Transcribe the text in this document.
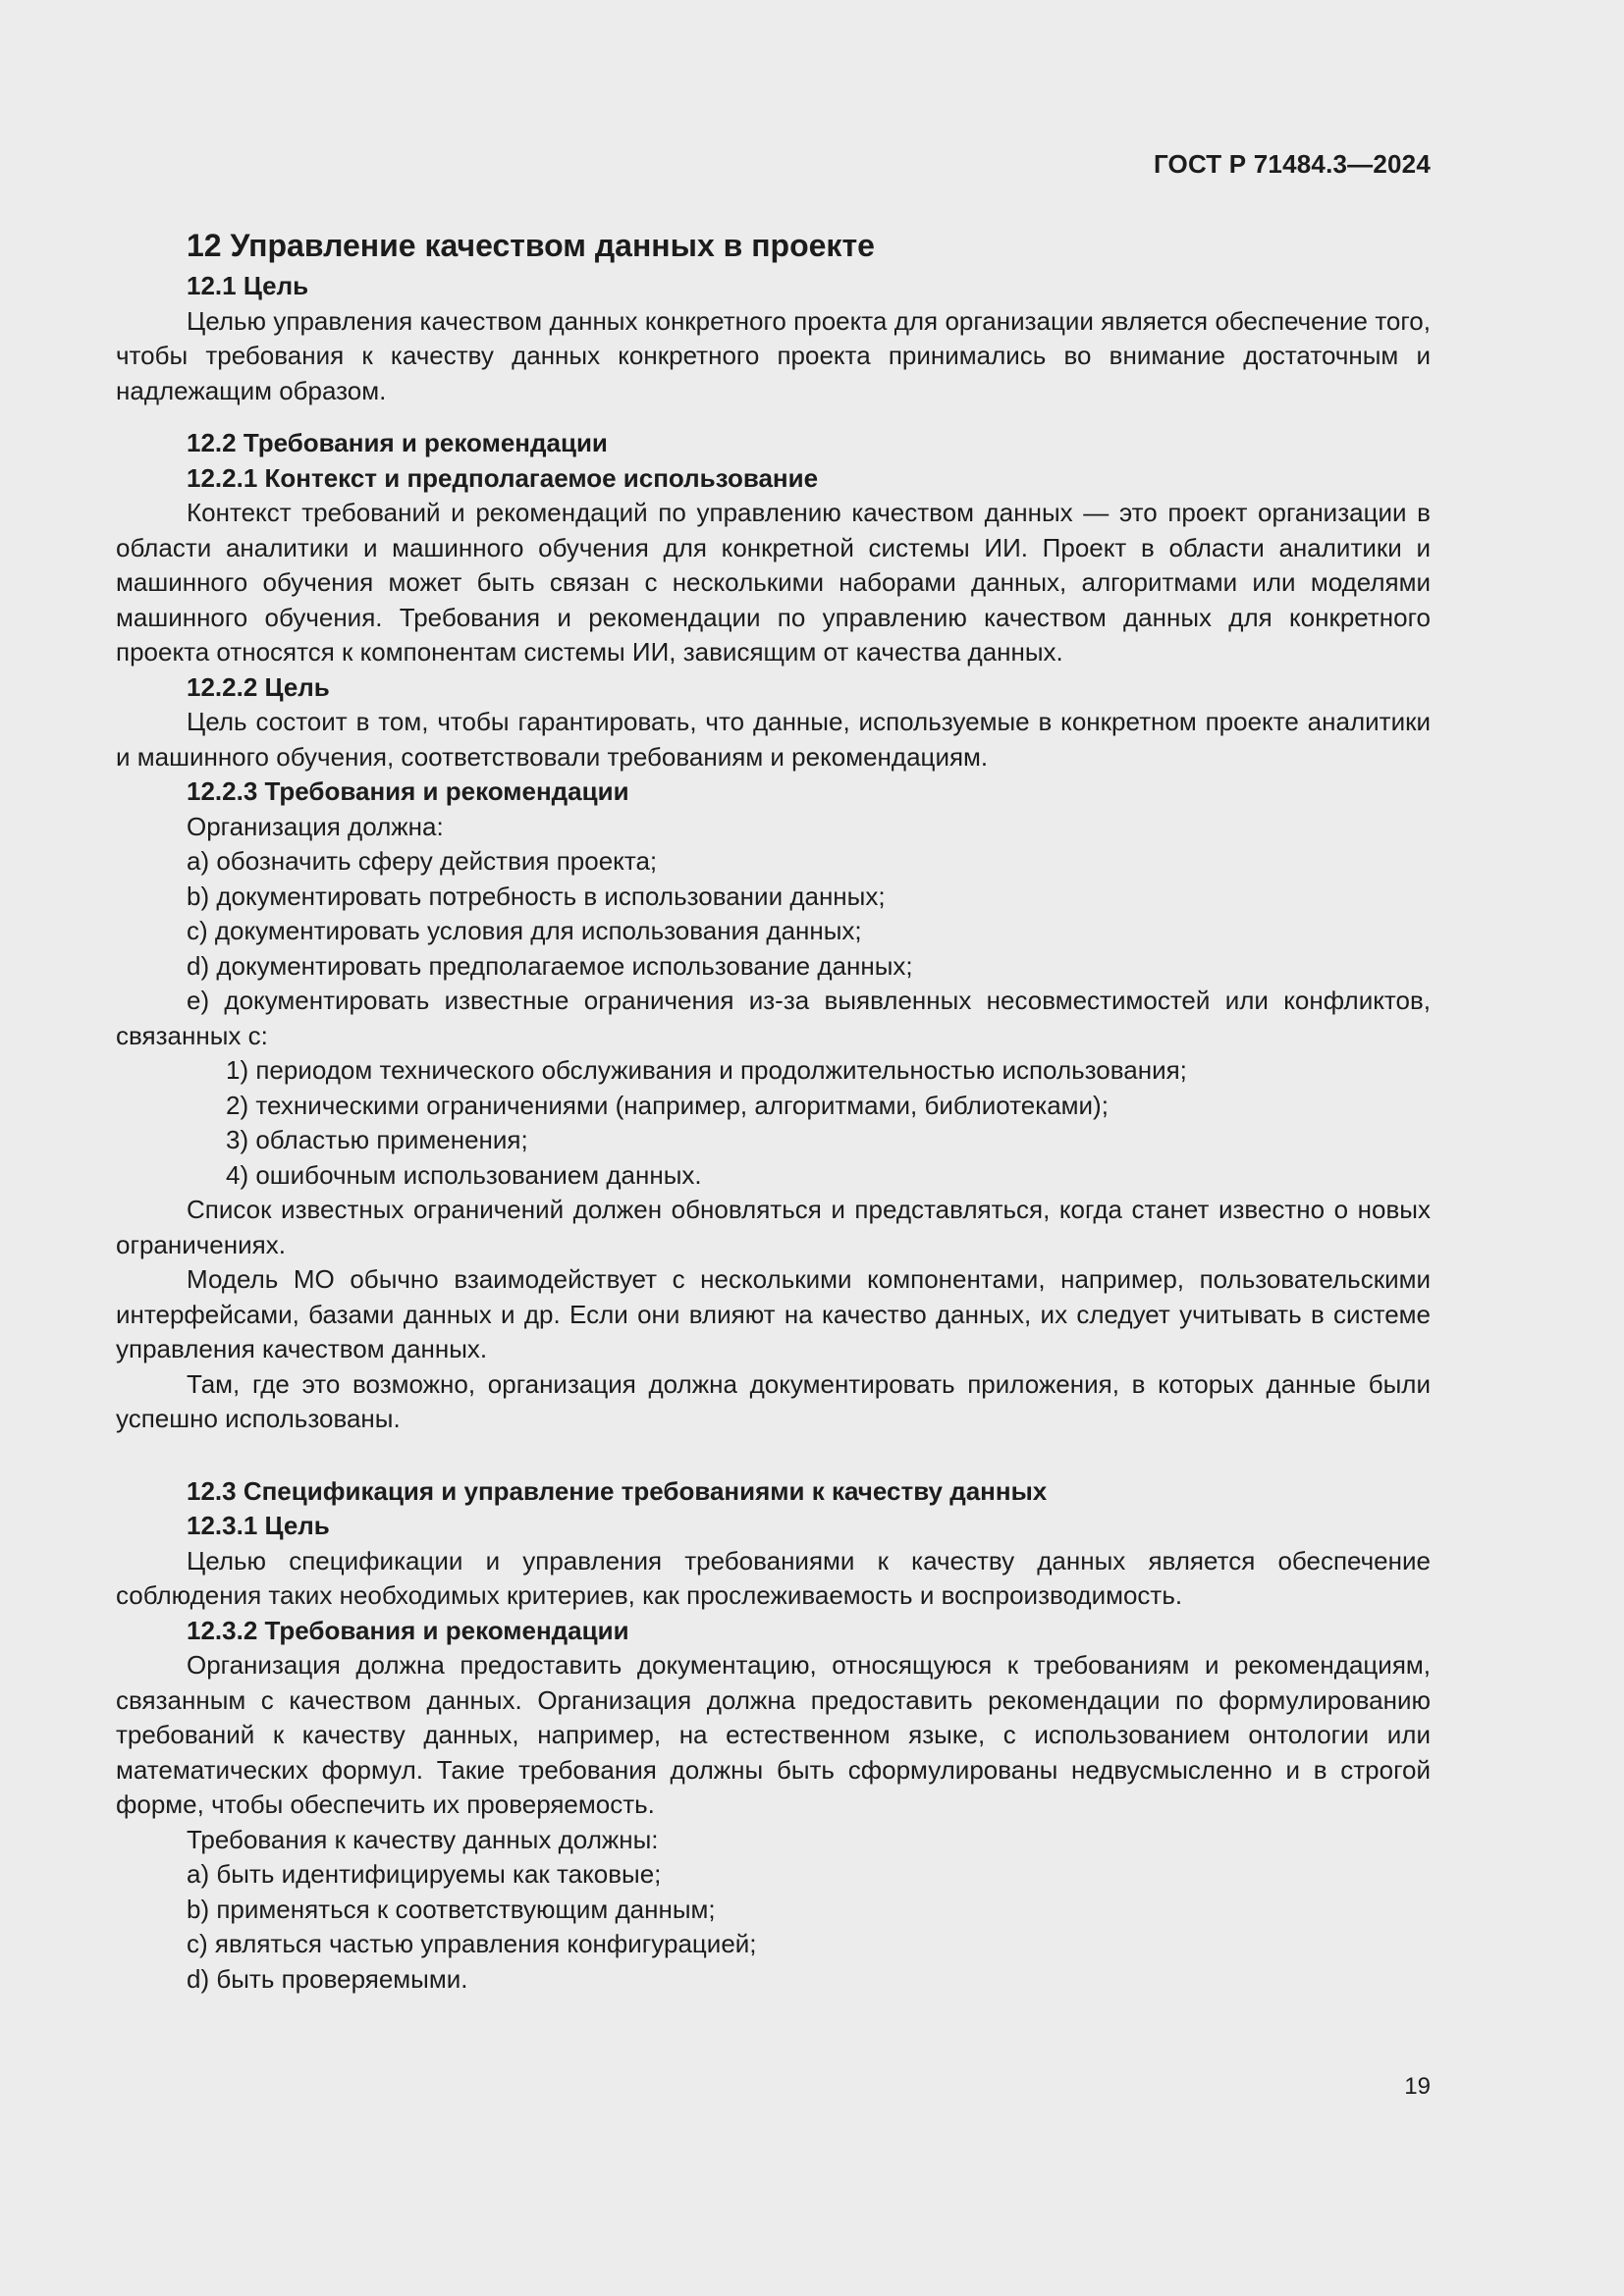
ГОСТ Р 71484.3—2024

12 Управление качеством данных в проекте

12.1 Цель

Целью управления качеством данных конкретного проекта для организации является обеспечение того, чтобы требования к качеству данных конкретного проекта принимались во внимание достаточным и надлежащим образом.

12.2 Требования и рекомендации

12.2.1 Контекст и предполагаемое использование

Контекст требований и рекомендаций по управлению качеством данных — это проект организации в области аналитики и машинного обучения для конкретной системы ИИ. Проект в области аналитики и машинного обучения может быть связан с несколькими наборами данных, алгоритмами или моделями машинного обучения. Требования и рекомендации по управлению качеством данных для конкретного проекта относятся к компонентам системы ИИ, зависящим от качества данных.

12.2.2 Цель

Цель состоит в том, чтобы гарантировать, что данные, используемые в конкретном проекте аналитики и машинного обучения, соответствовали требованиям и рекомендациям.

12.2.3 Требования и рекомендации

Организация должна:

a) обозначить сферу действия проекта;

b) документировать потребность в использовании данных;

c) документировать условия для использования данных;

d) документировать предполагаемое использование данных;

e) документировать известные ограничения из-за выявленных несовместимостей или конфликтов, связанных с:

1) периодом технического обслуживания и продолжительностью использования;

2) техническими ограничениями (например, алгоритмами, библиотеками);

3) областью применения;

4) ошибочным использованием данных.

Список известных ограничений должен обновляться и представляться, когда станет известно о новых ограничениях.

Модель МО обычно взаимодействует с несколькими компонентами, например, пользовательскими интерфейсами, базами данных и др. Если они влияют на качество данных, их следует учитывать в системе управления качеством данных.

Там, где это возможно, организация должна документировать приложения, в которых данные были успешно использованы.

12.3 Спецификация и управление требованиями к качеству данных

12.3.1 Цель

Целью спецификации и управления требованиями к качеству данных является обеспечение соблюдения таких необходимых критериев, как прослеживаемость и воспроизводимость.

12.3.2 Требования и рекомендации

Организация должна предоставить документацию, относящуюся к требованиям и рекомендациям, связанным с качеством данных. Организация должна предоставить рекомендации по формулированию требований к качеству данных, например, на естественном языке, с использованием онтологии или математических формул. Такие требования должны быть сформулированы недвусмысленно и в строгой форме, чтобы обеспечить их проверяемость.

Требования к качеству данных должны:

a) быть идентифицируемы как таковые;

b) применяться к соответствующим данным;

c) являться частью управления конфигурацией;

d) быть проверяемыми.

19
